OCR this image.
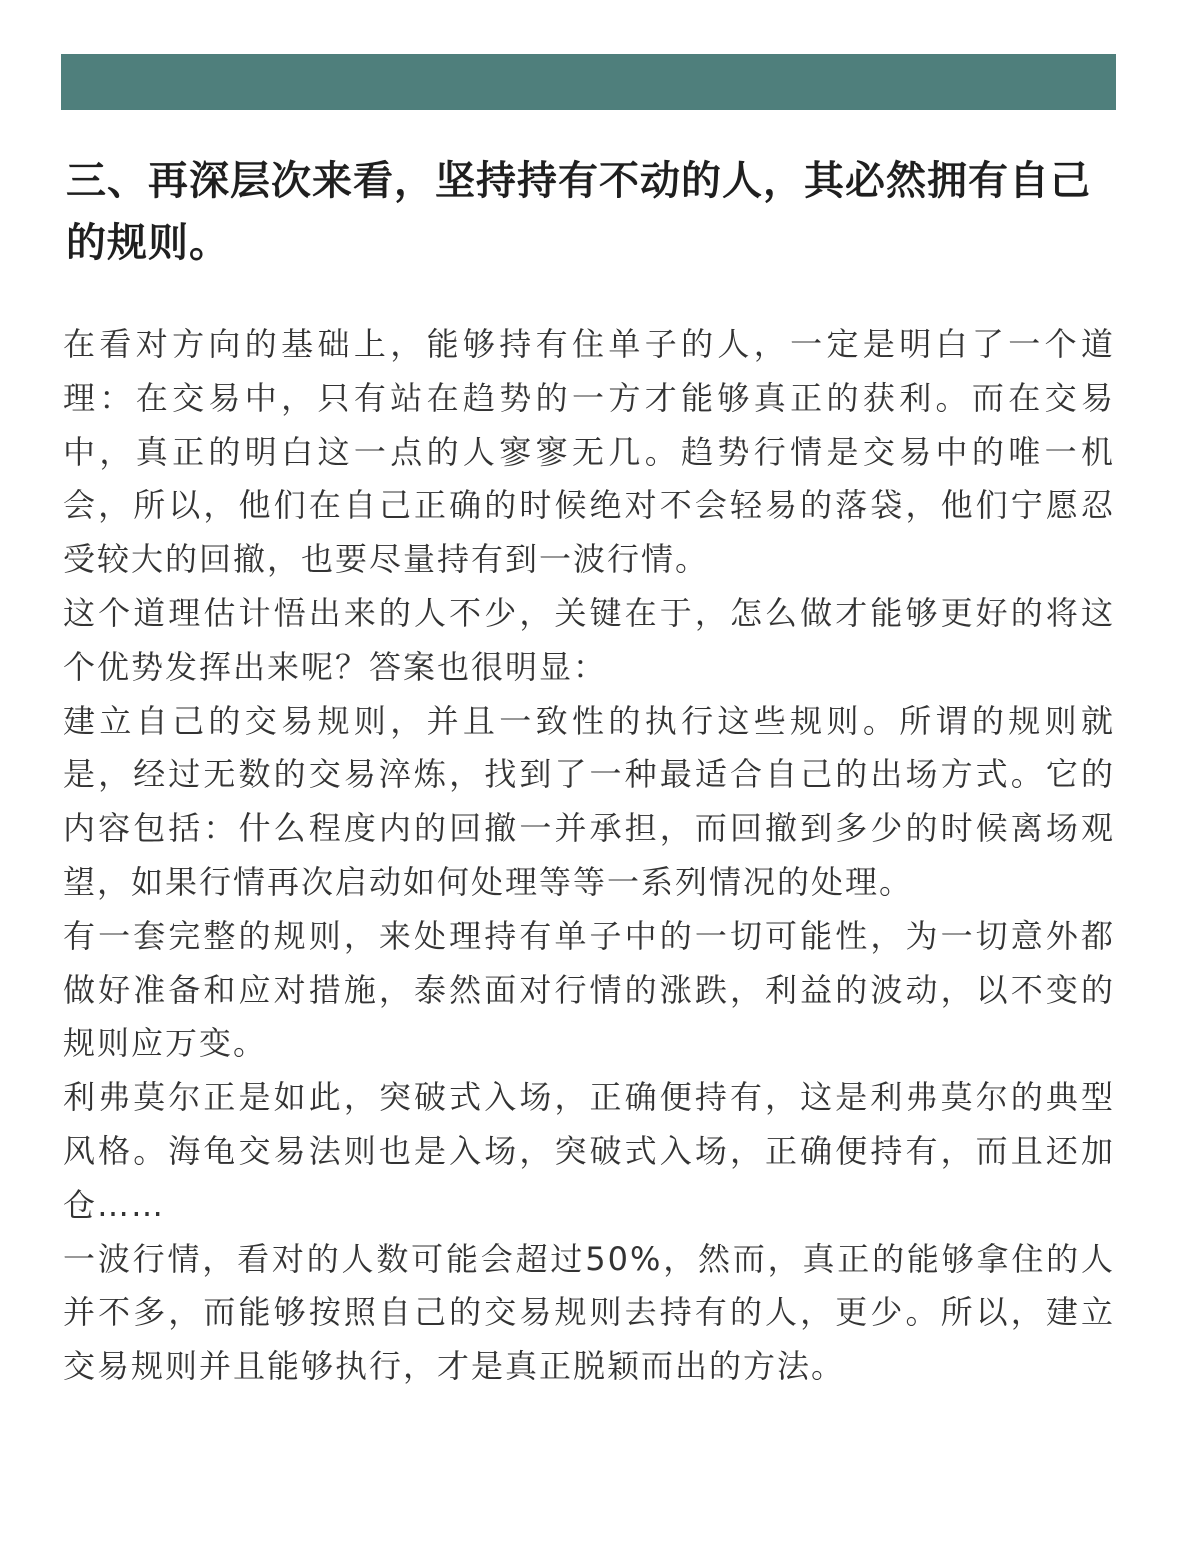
三、再深层次来看，坚持持有不动的人，其必然拥有自己的规则。

在看对方向的基础上，能够持有住单子的人，一定是明白了一个道理：在交易中，只有站在趋势的一方才能够真正的获利。而在交易中，真正的明白这一点的人寥寥无几。趋势行情是交易中的唯一机会，所以，他们在自己正确的时候绝对不会轻易的落袋，他们宁愿忍受较大的回撤，也要尽量持有到一波行情。

这个道理估计悟出来的人不少，关键在于，怎么做才能够更好的将这个优势发挥出来呢？答案也很明显：

建立自己的交易规则，并且一致性的执行这些规则。所谓的规则就是，经过无数的交易淬炼，找到了一种最适合自己的出场方式。它的内容包括：什么程度内的回撤一并承担，而回撤到多少的时候离场观望，如果行情再次启动如何处理等等一系列情况的处理。

有一套完整的规则，来处理持有单子中的一切可能性，为一切意外都做好准备和应对措施，泰然面对行情的涨跌，利益的波动，以不变的规则应万变。

利弗莫尔正是如此，突破式入场，正确便持有，这是利弗莫尔的典型风格。海龟交易法则也是入场，突破式入场，正确便持有，而且还加仓……

一波行情，看对的人数可能会超过50%，然而，真正的能够拿住的人并不多，而能够按照自己的交易规则去持有的人，更少。所以，建立交易规则并且能够执行，才是真正脱颖而出的方法。
